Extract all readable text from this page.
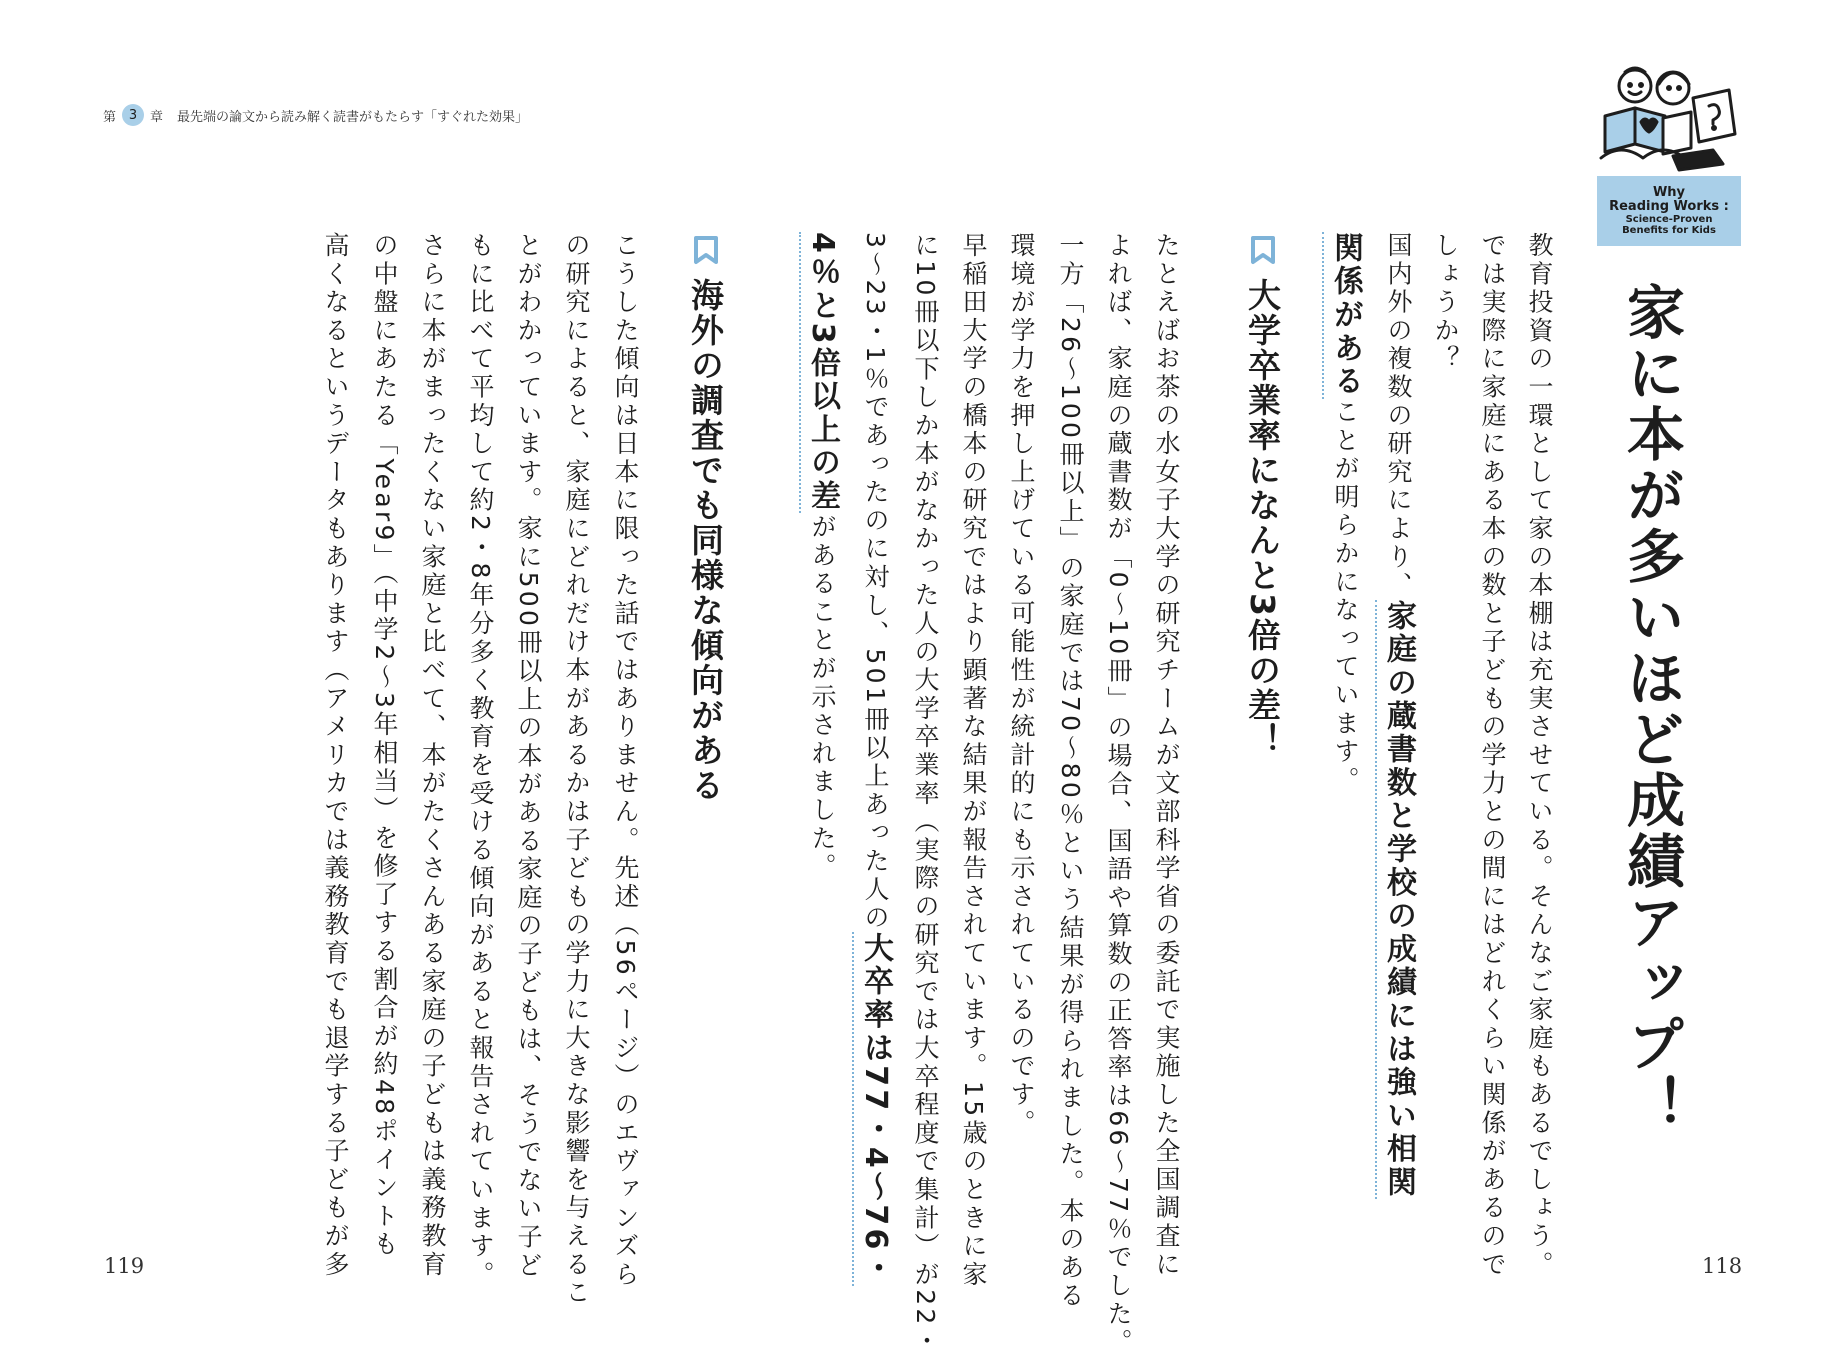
第 3 章 最先端の論文から読み解く読書がもたらす「すぐれた効果」
Why
Reading Works :
Science-Proven
Benefits for Kids
家に本が多いほど成績アップ！
教育投資の一環として家の本棚は充実させている。そんなご家庭もあるでしょう。
では実際に家庭にある本の数と子どもの学力との間にはどれくらい関係があるので
しょうか？
国内外の複数の研究により、家庭の蔵書数と学校の成績には強い相関
関係があることが明らかになっています。
大学卒業率になんと3倍の差！
たとえばお茶の水女子大学の研究チームが文部科学省の委託で実施した全国調査に
よれば、家庭の蔵書数が「0〜10冊」の場合、国語や算数の正答率は66〜77％でした。
一方「26〜100冊以上」の家庭では70〜80％という結果が得られました。本のある
環境が学力を押し上げている可能性が統計的にも示されているのです。
早稲田大学の橋本の研究ではより顕著な結果が報告されています。15歳のときに家
に10冊以下しか本がなかった人の大学卒業率（実際の研究では大卒程度で集計）が22・
3〜23・1％であったのに対し、501冊以上あった人の大卒率は77・4〜76・
4％と3倍以上の差があることが示されました。
海外の調査でも同様な傾向がある
こうした傾向は日本に限った話ではありません。先述（56ページ）のエヴァンズら
の研究によると、家庭にどれだけ本があるかは子どもの学力に大きな影響を与えるこ
とがわかっています。家に500冊以上の本がある家庭の子どもは、そうでない子ど
もに比べて平均して約2・8年分多く教育を受ける傾向があると報告されています。
さらに本がまったくない家庭と比べて、本がたくさんある家庭の子どもは義務教育
の中盤にあたる「Year9」（中学2〜3年相当）を修了する割合が約48ポイントも
高くなるというデータもあります（アメリカでは義務教育でも退学する子どもが多
119	118
